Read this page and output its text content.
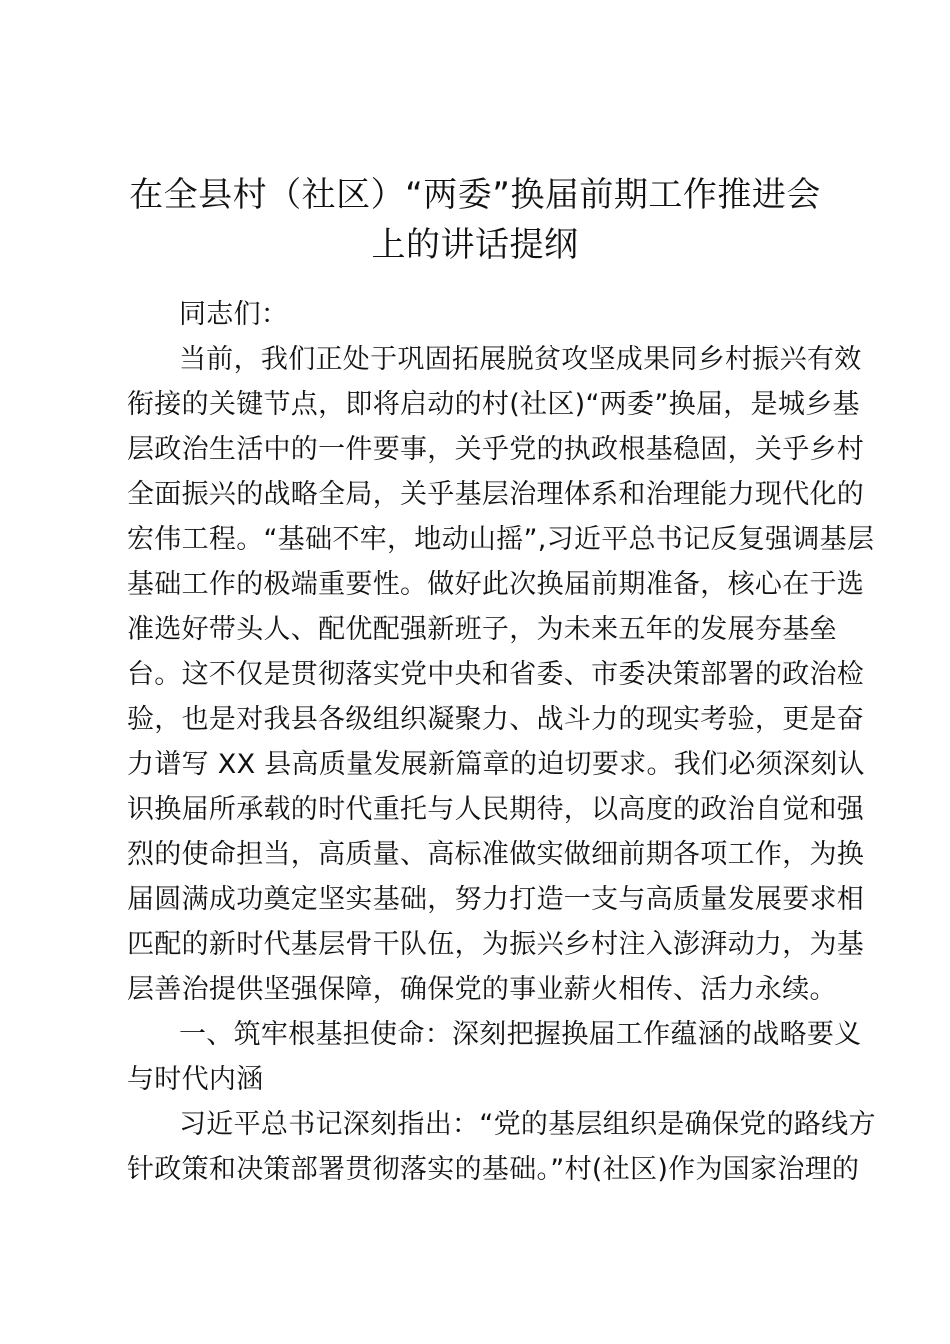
在全县村（社区）“两委”换届前期工作推进会
上的讲话提纲
同志们：
当前，我们正处于巩固拓展脱贫攻坚成果同乡村振兴有效
衔接的关键节点，即将启动的村(社区)“两委”换届，是城乡基
层政治生活中的一件要事，关乎党的执政根基稳固，关乎乡村
全面振兴的战略全局，关乎基层治理体系和治理能力现代化的
宏伟工程。“基础不牢，地动山摇”,习近平总书记反复强调基层
基础工作的极端重要性。做好此次换届前期准备，核心在于选
准选好带头人、配优配强新班子，为未来五年的发展夯基垒
台。这不仅是贯彻落实党中央和省委、市委决策部署的政治检
验，也是对我县各级组织凝聚力、战斗力的现实考验，更是奋
力谱写 XX 县高质量发展新篇章的迫切要求。我们必须深刻认
识换届所承载的时代重托与人民期待，以高度的政治自觉和强
烈的使命担当，高质量、高标准做实做细前期各项工作，为换
届圆满成功奠定坚实基础，努力打造一支与高质量发展要求相
匹配的新时代基层骨干队伍，为振兴乡村注入澎湃动力，为基
层善治提供坚强保障，确保党的事业薪火相传、活力永续。
一、筑牢根基担使命：深刻把握换届工作蕴涵的战略要义
与时代内涵
习近平总书记深刻指出：“党的基层组织是确保党的路线方
针政策和决策部署贯彻落实的基础。”村(社区)作为国家治理的
